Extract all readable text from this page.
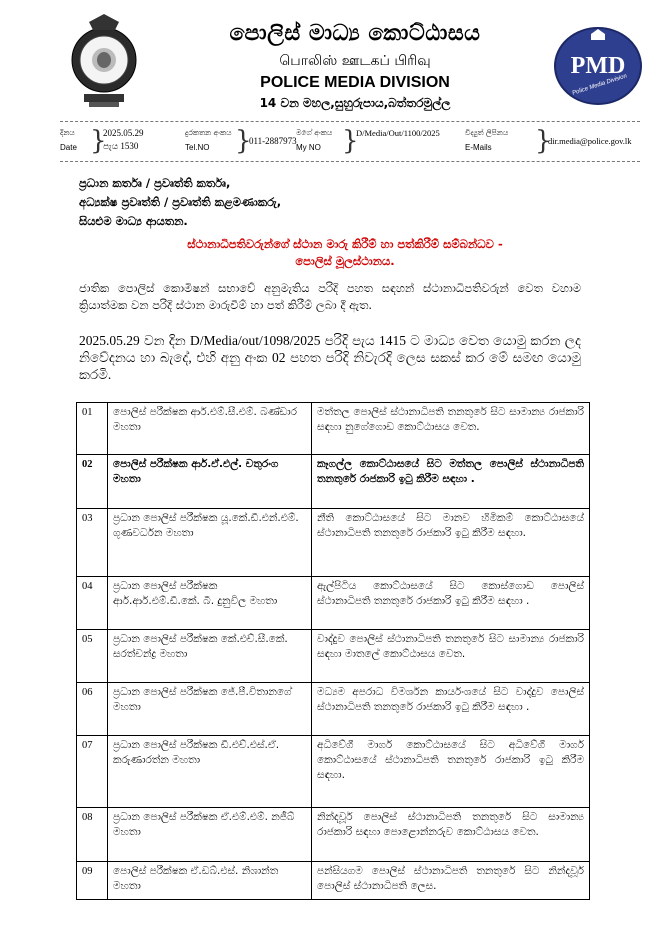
පොලිස් මාධ්‍ය කොට්ඨාසය
பொலிஸ் ஊடகப் பிரிவு
POLICE MEDIA DIVISION
14 වන මහල,සුහුරුපාය,බත්තරමුල්ල
PMD
Police Media Division
දිනය
Date }
2025.05.29
පැය 1530
දුරකතන අංකය
Tel.NO }
011-2887973
මගේ අංකය
My NO }
D/Media/Out/1100/2025	විද්‍යුත් ලිපිනය
E-Mails }
dir.media@police.gov.lk
ප්‍රධාන කර්තෘ / ප්‍රවෘත්ති කර්තෘ,
අධ්‍යක්ෂ ප්‍රවෘත්ති / ප්‍රවෘත්ති කළමණාකරු,
සියළුම මාධ්‍ය ආයතන.
ස්ථානාධිපතිවරුන්ගේ ස්ථාන මාරු කිරීම් හා පත්කිරීම් සම්බන්ධව -
පොලිස් මූලස්ථානය.
ජාතික පොලිස් කොමිෂන් සභාවේ අනුමැතිය පරිදි පහත සඳහන් ස්ථානාධිපතිවරුන් වෙත වහාම ක්‍රියාත්මක වන පරිදි ස්ථාන මාරුවීම් හා පත් කිරීම් ලබා දී ඇත.
2025.05.29 වන දින D/Media/out/1098/2025 පරිදි පැය 1415 ට මාධ්‍ය වෙත යොමු කරන ලද නිවේදනය හා බැදේ, එහි අනු අංක 02 පහත පරිදි නිවැරදි ලෙස සකස් කර මේ සමඟ යොමු කරමි.
01	පොලිස් පරීක්ෂක ආර්.එම්.සී.එම්. බණ්ඩාර මහතා	මත්තල පොලිස් ස්ථානාධිපති තනතුරේ සිට සාමාන්‍ය රාජකාරි සඳහා නුගේගොඩ කොට්ඨාසය වෙත.
02	පොලිස් පරීක්ෂක ආර්.ඒ.එල්. චතුරංග මහතා	කෑගල්ල කොට්ඨාසයේ සිට මත්තල පොලිස් ස්ථානාධිපති තනතුරේ රාජකාරි ඉටු කිරීම සඳහා .
03	ප්‍රධාන පොලිස් පරීක්ෂක යූ.කේ.ඩී.එන්.එම්. ගුණවර්ධන මහතා	නීති කොට්ඨාසයේ සිට මානව හිමිකම් කොට්ඨාසයේ ස්ථානාධිපති තනතුරේ රාජකාරි ඉටු කිරීම සඳහා.
04	ප්‍රධාන පොලිස් පරීක්ෂක ආර්.ආර්.එම්.ඩී.කේ. බී. දුනුවිල මහතා	ඇල්පිටිය කොට්ඨාසයේ සිට කොස්ගොඩ පොලිස් ස්ථානාධිපති තනතුරේ රාජකාරි ඉටු කිරීම සඳහා .
05	ප්‍රධාන පොලිස් පරීක්ෂක කේ.එච්.සී.කේ. සරත්චන්ද්‍ර මහතා	වාද්දුව පොලිස් ස්ථානාධිපති තනතුරේ සිට සාමාන්‍ය රාජකාරි සඳහා මාතලේ කොට්ඨාසය වෙත.
06	ප්‍රධාන පොලිස් පරීක්ෂක ජේ.පී.විතානගේ මහතා	මධ්‍යම අපරාධ විමර්ශන කාර්යංශයේ සිට වාද්දුව පොලිස් ස්ථානාධිපති තනතුරේ රාජකාරි ඉටු කිරීම සඳහා .
07	ප්‍රධාන පොලිස් පරීක්ෂක ඩී.එච්.එස්.ඒ. කරුණාරත්න මහතා	අධිවේගී මාර්ග කොට්ඨාසයේ සිට අධිවේගී මාර්ග කොට්ඨාසයේ ස්ථානාධිපති තනතුරේ රාජකාරි ඉටු කිරීම සඳහා.
08	ප්‍රධාන පොලිස් පරීක්ෂක ඒ.එම්.එම්. නජීබ් මහතා	නින්දවූර් පොලිස් ස්ථානාධිපති තනතුරේ සිට සාමාන්‍ය රාජකාරි සඳහා පොළොන්නරුව කොට්ඨාසය වෙත.
09	පොලිස් පරීක්ෂක ඒ.ඩබ්.එස්. නිශාන්ත මහතා	පන්සියගම පොලිස් ස්ථානාධිපති තනතුරේ සිට නින්දවූර් පොලිස් ස්ථානාධිපති ලෙස.
